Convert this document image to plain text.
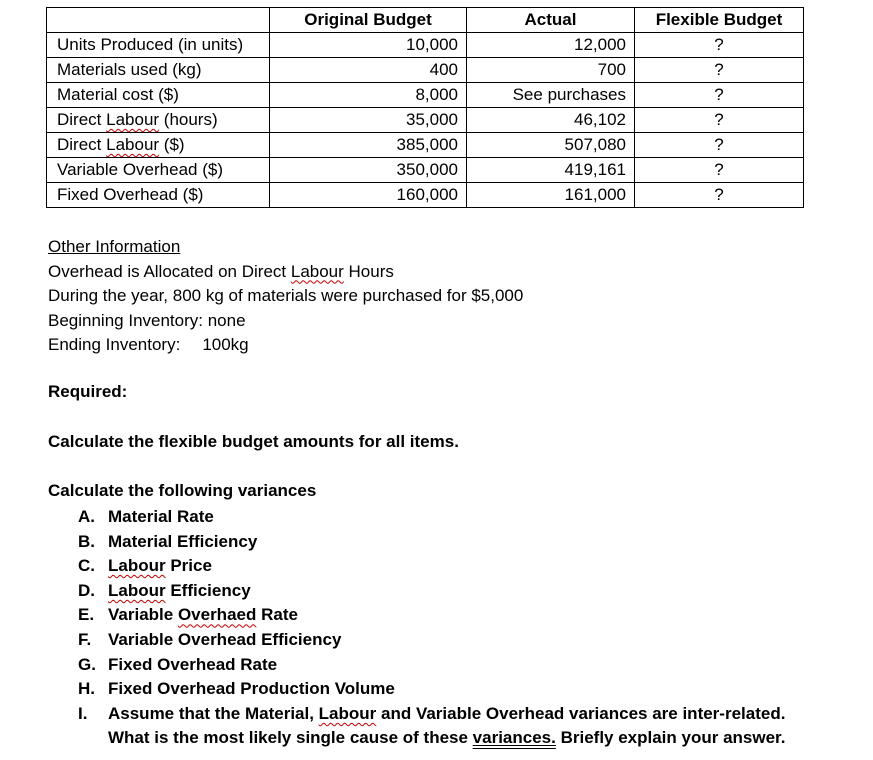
	Original Budget	Actual	Flexible Budget
Units Produced (in units)	10,000	12,000	?
Materials used (kg)	400	700	?
Material cost ($)	8,000	See purchases	?
Direct Labour (hours)	35,000	46,102	?
Direct Labour ($)	385,000	507,080	?
Variable Overhead ($)	350,000	419,161	?
Fixed Overhead ($)	160,000	161,000	?

Other Information

Overhead is Allocated on Direct Labour Hours

During the year, 800 kg of materials were purchased for $5,000

Beginning Inventory: none

Ending Inventory: 100kg

Required:
Calculate the flexible budget amounts for all items.
Calculate the following variances
A. Material Rate
B. Material Efficiency
C. Labour Price
D. Labour Efficiency
E. Variable Overhaed Rate
F. Variable Overhead Efficiency
G. Fixed Overhead Rate
H. Fixed Overhead Production Volume
I.	Assume that the Material, Labour and Variable Overhead variances are inter-related.
What is the most likely single cause of these variances. Briefly explain your answer.
